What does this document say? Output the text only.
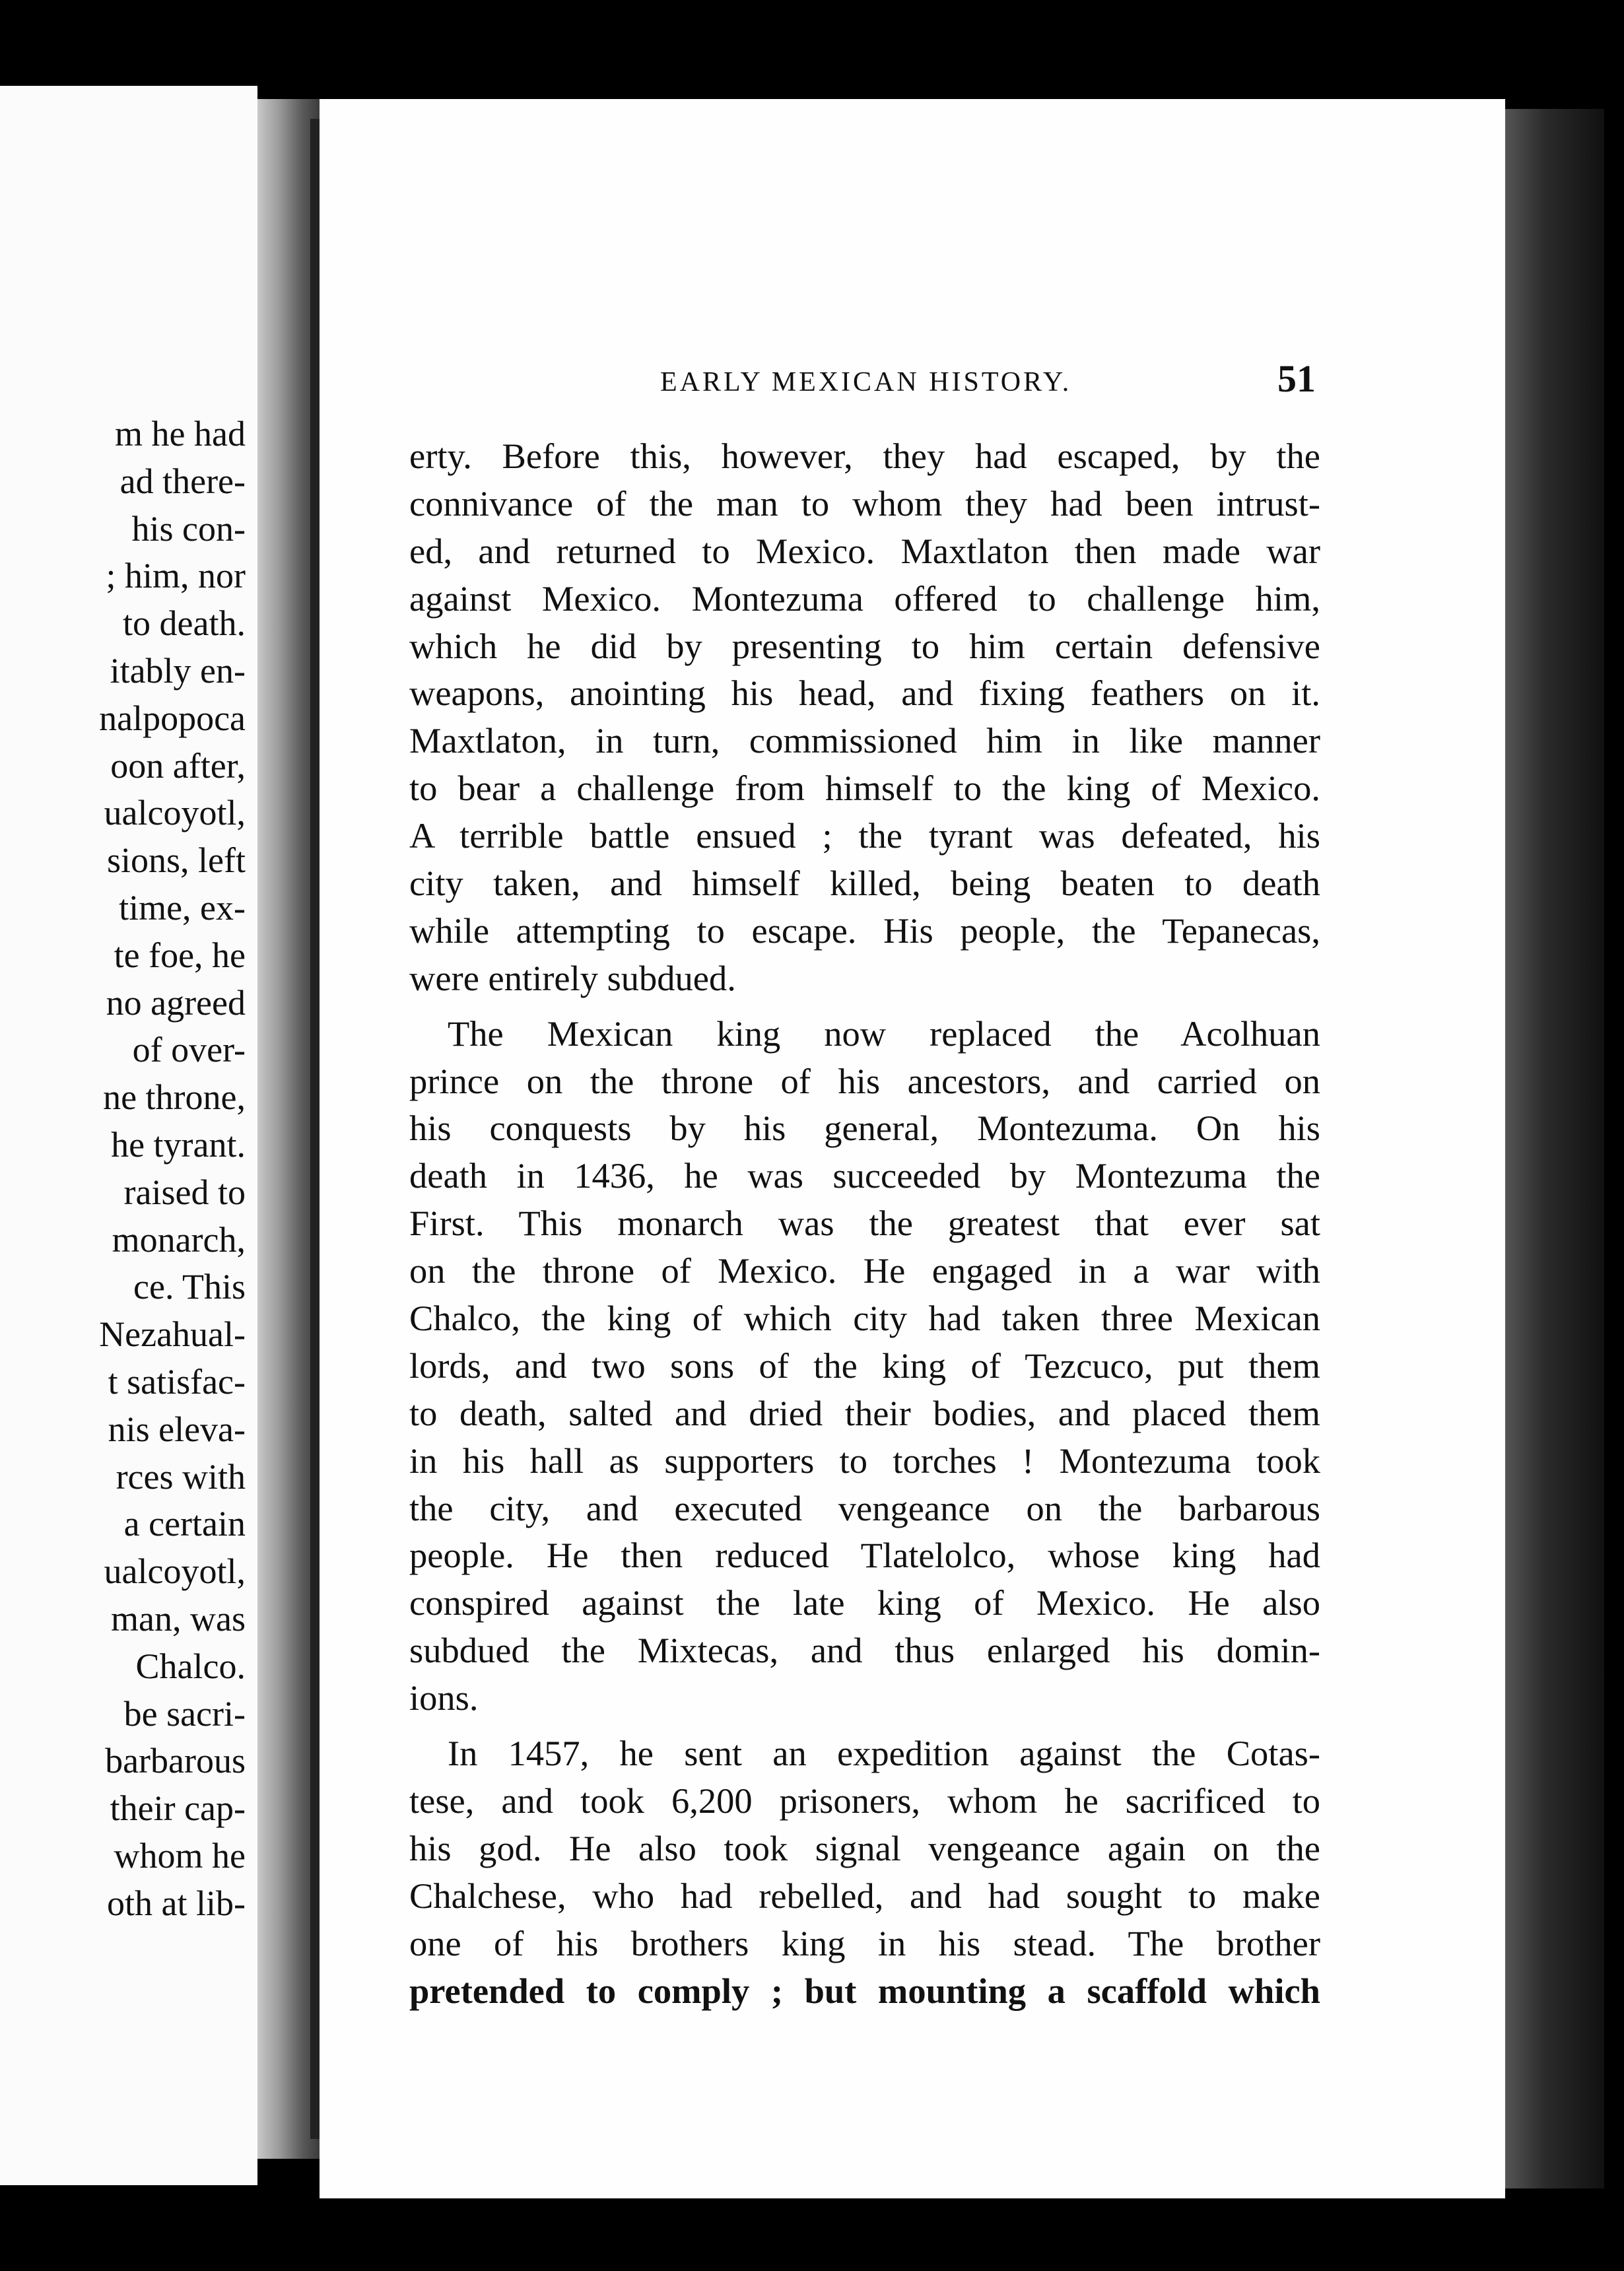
m he had
ad there-
his con-
; him, nor
to death.
itably en-
nalpopoca
oon after,
ualcoyotl,
sions, left
time, ex-
te foe, he
no agreed
of over-
ne throne,
he tyrant.
raised to
monarch,
ce. This
Nezahual-
t satisfac-
nis eleva-
rces with
a certain
ualcoyotl,
man, was
Chalco.
be sacri-
barbarous
their cap-
whom he
oth at lib-
EARLY MEXICAN HISTORY.	51
erty. Before this, however, they had escaped, by the
connivance of the man to whom they had been intrust-
ed, and returned to Mexico. Maxtlaton then made war
against Mexico. Montezuma offered to challenge him,
which he did by presenting to him certain defensive
weapons, anointing his head, and fixing feathers on it.
Maxtlaton, in turn, commissioned him in like manner
to bear a challenge from himself to the king of Mexico.
A terrible battle ensued ; the tyrant was defeated, his
city taken, and himself killed, being beaten to death
while attempting to escape. His people, the Tepanecas,
were entirely subdued.
The Mexican king now replaced the Acolhuan
prince on the throne of his ancestors, and carried on
his conquests by his general, Montezuma. On his
death in 1436, he was succeeded by Montezuma the
First. This monarch was the greatest that ever sat
on the throne of Mexico. He engaged in a war with
Chalco, the king of which city had taken three Mexican
lords, and two sons of the king of Tezcuco, put them
to death, salted and dried their bodies, and placed them
in his hall as supporters to torches ! Montezuma took
the city, and executed vengeance on the barbarous
people. He then reduced Tlatelolco, whose king had
conspired against the late king of Mexico. He also
subdued the Mixtecas, and thus enlarged his domin-
ions.
In 1457, he sent an expedition against the Cotas-
tese, and took 6,200 prisoners, whom he sacrificed to
his god. He also took signal vengeance again on the
Chalchese, who had rebelled, and had sought to make
one of his brothers king in his stead. The brother
pretended to comply ; but mounting a scaffold which
